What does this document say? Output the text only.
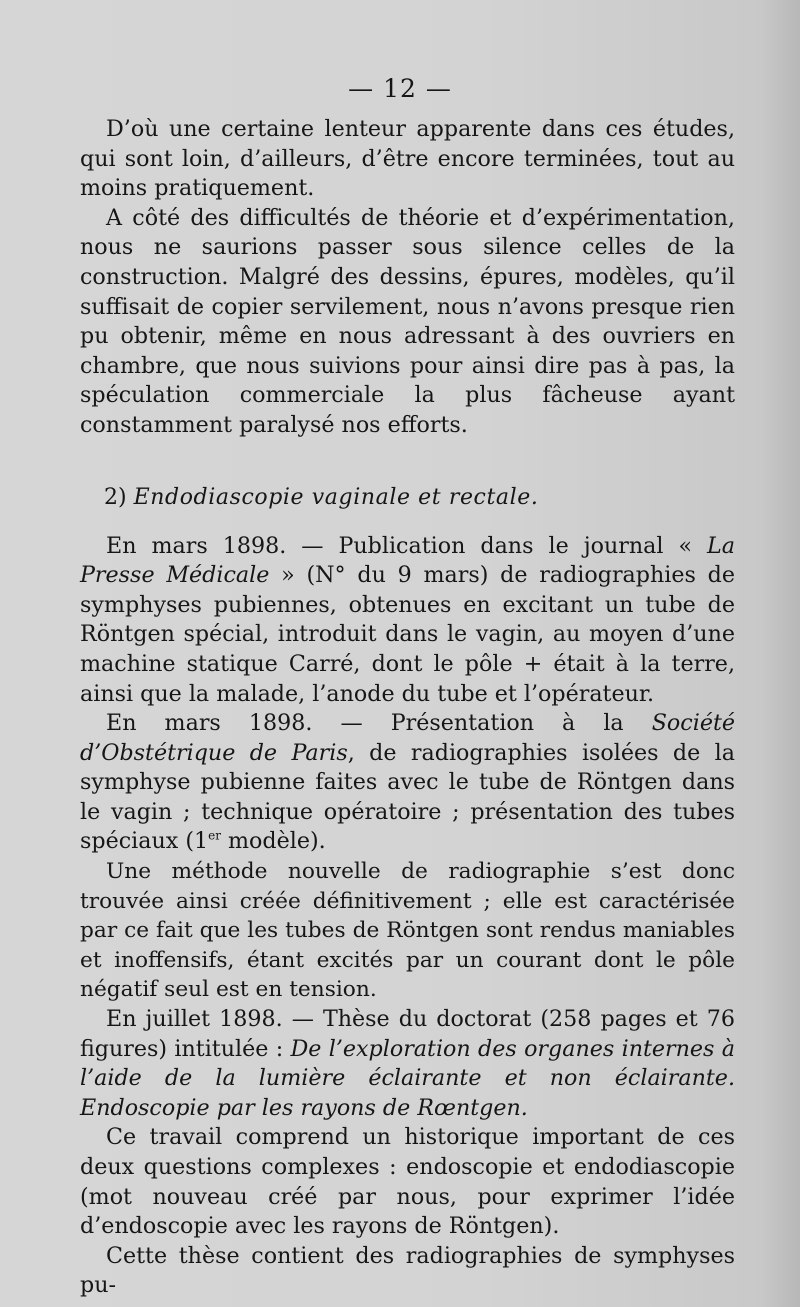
— 12 —

D’où une certaine lenteur apparente dans ces études, qui sont loin, d’ailleurs, d’être encore terminées, tout au moins pratiquement.

A côté des difficultés de théorie et d’expérimentation, nous ne saurions passer sous silence celles de la construction. Malgré des dessins, épures, modèles, qu’il suffisait de copier servilement, nous n’avons presque rien pu obtenir, même en nous adressant à des ouvriers en chambre, que nous suivions pour ainsi dire pas à pas, la spéculation commerciale la plus fâcheuse ayant constamment paralysé nos efforts.

2) Endodiascopie vaginale et rectale.

En mars 1898. — Publication dans le journal « La Presse Médicale » (N° du 9 mars) de radiographies de symphyses pubiennes, obtenues en excitant un tube de Röntgen spécial, introduit dans le vagin, au moyen d’une machine statique Carré, dont le pôle + était à la terre, ainsi que la malade, l’anode du tube et l’opérateur.

En mars 1898. — Présentation à la Société d’Obstétrique de Paris, de radiographies isolées de la symphyse pubienne faites avec le tube de Röntgen dans le vagin ; technique opératoire ; présentation des tubes spéciaux (1er modèle).

Une méthode nouvelle de radiographie s’est donc trouvée ainsi créée définitivement ; elle est caractérisée par ce fait que les tubes de Röntgen sont rendus maniables et inoffensifs, étant excités par un courant dont le pôle négatif seul est en tension.

En juillet 1898. — Thèse du doctorat (258 pages et 76 figures) intitulée : De l’exploration des organes internes à l’aide de la lumière éclairante et non éclairante. Endoscopie par les rayons de Rœntgen.

Ce travail comprend un historique important de ces deux questions complexes : endoscopie et endodiascopie (mot nouveau créé par nous, pour exprimer l’idée d’endoscopie avec les rayons de Röntgen).

Cette thèse contient des radiographies de symphyses pu-
